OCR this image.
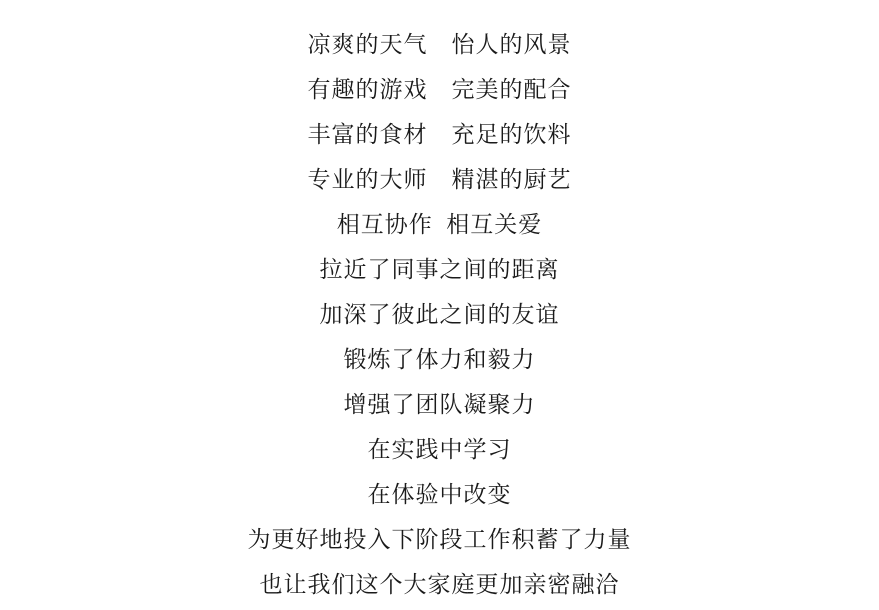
凉爽的天气　怡人的风景
有趣的游戏　完美的配合
丰富的食材　充足的饮料
专业的大师　精湛的厨艺
相互协作  相互关爱
拉近了同事之间的距离
加深了彼此之间的友谊
锻炼了体力和毅力
增强了团队凝聚力
在实践中学习
在体验中改变
为更好地投入下阶段工作积蓄了力量
也让我们这个大家庭更加亲密融洽
